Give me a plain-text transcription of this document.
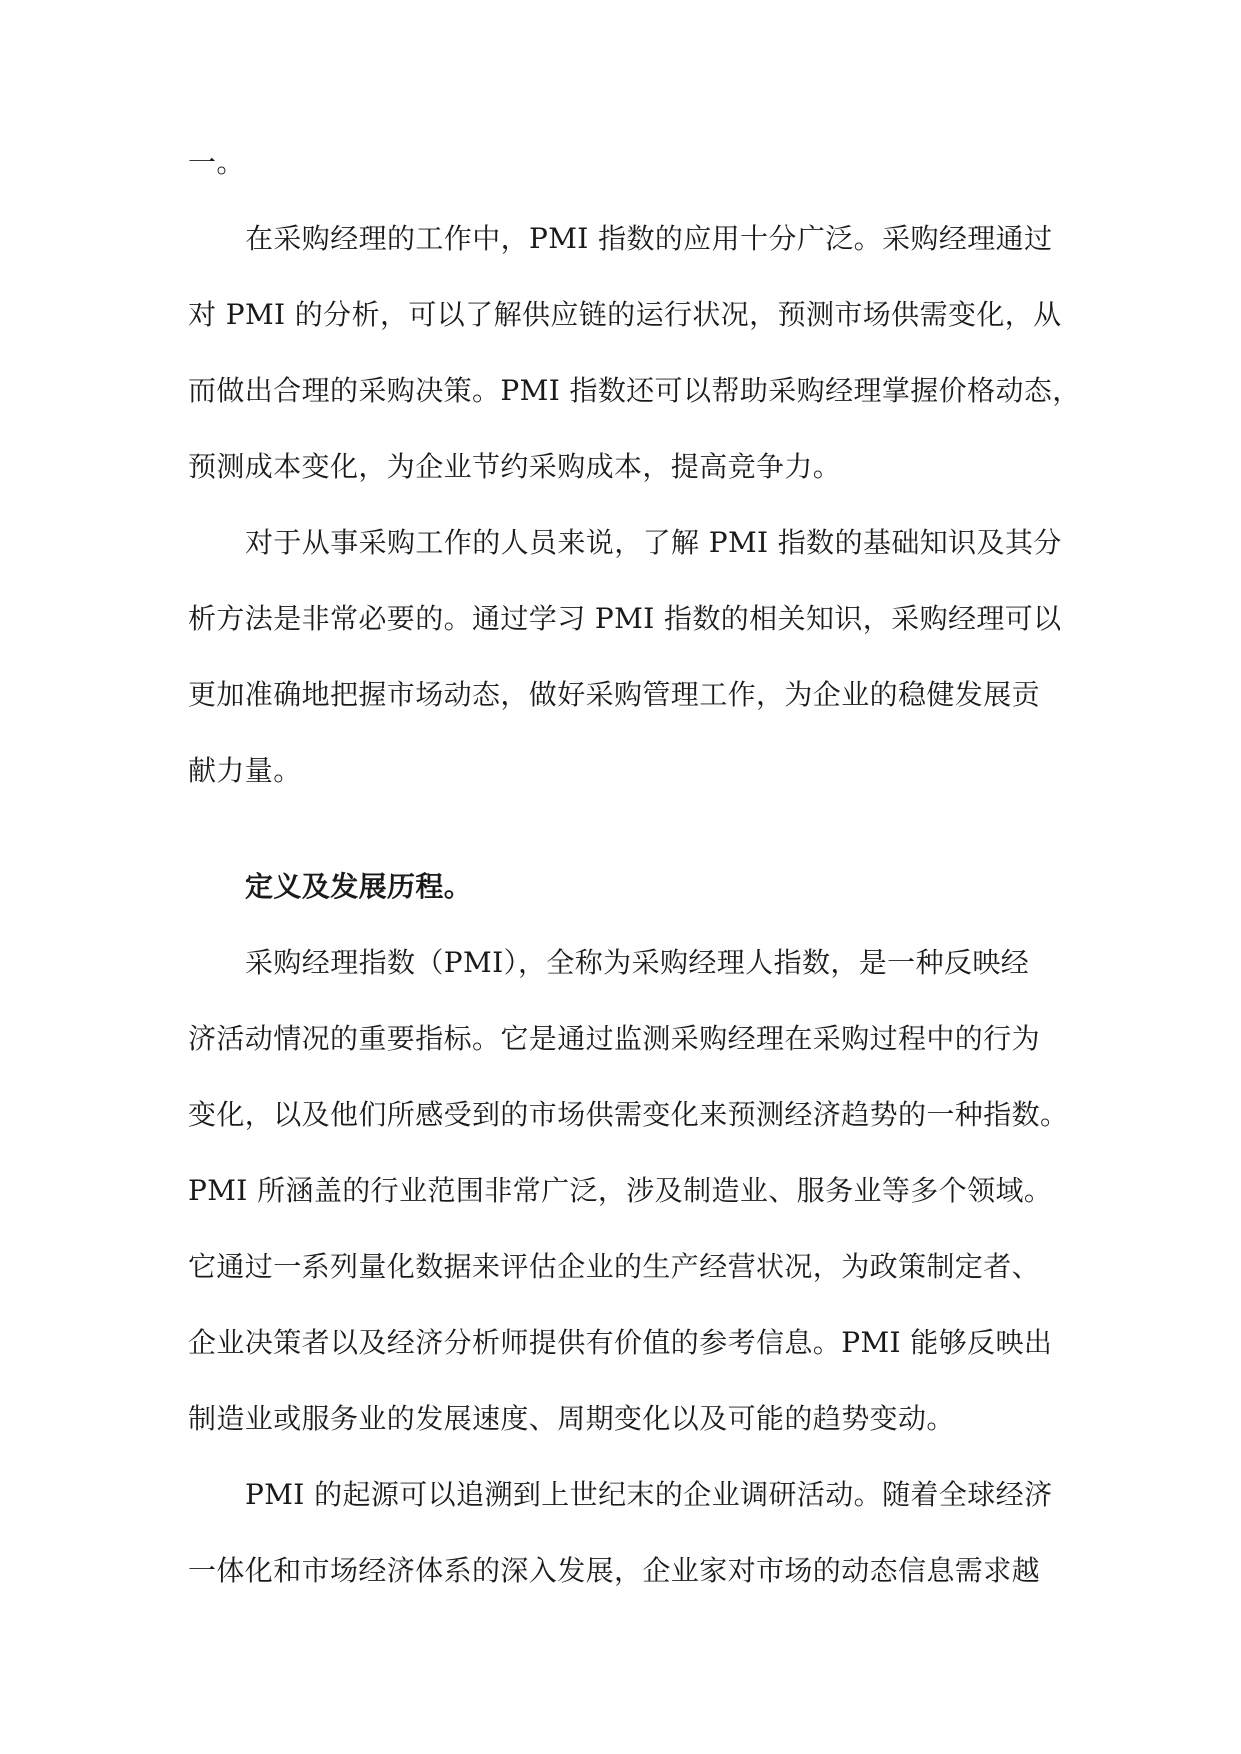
一。
在采购经理的工作中，PMI 指数的应用十分广泛。采购经理通过
对 PMI 的分析，可以了解供应链的运行状况，预测市场供需变化，从
而做出合理的采购决策。PMI 指数还可以帮助采购经理掌握价格动态，
预测成本变化，为企业节约采购成本，提高竞争力。
对于从事采购工作的人员来说，了解 PMI 指数的基础知识及其分
析方法是非常必要的。通过学习 PMI 指数的相关知识，采购经理可以
更加准确地把握市场动态，做好采购管理工作，为企业的稳健发展贡
献力量。
定义及发展历程。
采购经理指数（PMI），全称为采购经理人指数，是一种反映经
济活动情况的重要指标。它是通过监测采购经理在采购过程中的行为
变化，以及他们所感受到的市场供需变化来预测经济趋势的一种指数。
PMI 所涵盖的行业范围非常广泛，涉及制造业、服务业等多个领域。
它通过一系列量化数据来评估企业的生产经营状况，为政策制定者、
企业决策者以及经济分析师提供有价值的参考信息。PMI 能够反映出
制造业或服务业的发展速度、周期变化以及可能的趋势变动。
PMI 的起源可以追溯到上世纪末的企业调研活动。随着全球经济
一体化和市场经济体系的深入发展，企业家对市场的动态信息需求越
